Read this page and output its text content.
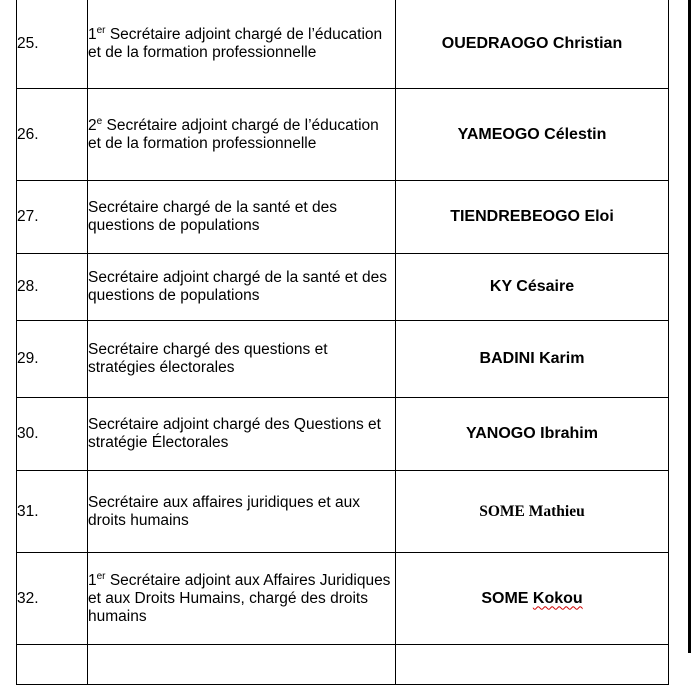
25.	1er Secrétaire adjoint chargé de l’éducation et de la formation professionnelle	OUEDRAOGO Christian
26.	2e Secrétaire adjoint chargé de l’éducation et de la formation professionnelle	YAMEOGO Célestin
27.	Secrétaire chargé de la santé et des questions de populations	TIENDREBEOGO Eloi
28.	Secrétaire adjoint chargé de la santé et des questions de populations	KY Césaire
29.	Secrétaire chargé des questions et stratégies électorales	BADINI Karim
30.	Secrétaire adjoint chargé des Questions et stratégie Électorales	YANOGO Ibrahim
31.	Secrétaire aux affaires juridiques et aux droits humains	SOME Mathieu
32.	1er Secrétaire adjoint aux Affaires Juridiques et aux Droits Humains, chargé des droits humains	SOME Kokou
